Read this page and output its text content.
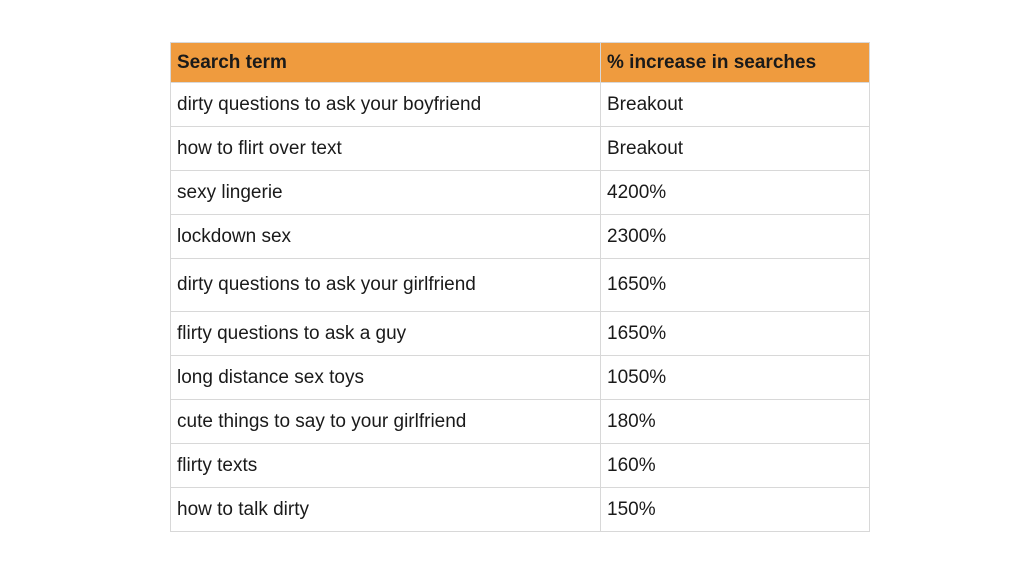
Search term	% increase in searches
dirty questions to ask your boyfriend	Breakout
how to flirt over text	Breakout
sexy lingerie	4200%
lockdown sex	2300%
dirty questions to ask your girlfriend	1650%
flirty questions to ask a guy	1650%
long distance sex toys	1050%
cute things to say to your girlfriend	180%
flirty texts	160%
how to talk dirty	150%
